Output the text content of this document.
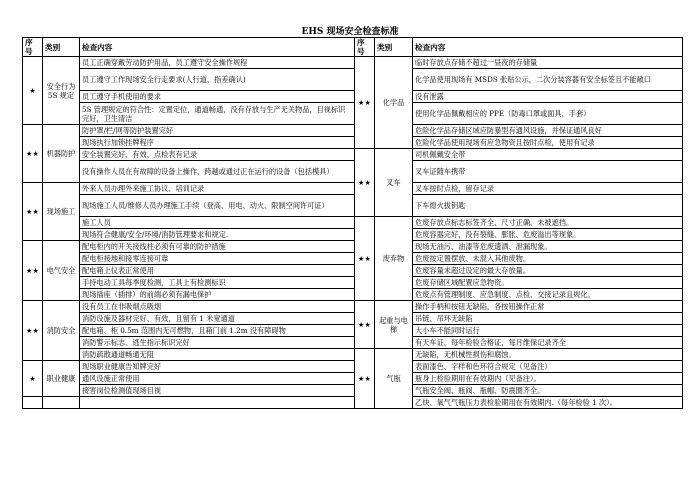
EHS 现场安全检查标准
序号	类别	检查内容	序号	类别	检查内容
★	安全行为 5S 规定	员工正确穿戴劳动防护用品，员工遵守安全操作规程	★★	化学品	临时存放点存储不超过一昼夜的存储量
		员工遵守工作现场安全行走要求(人行道、指差确认)			化学品使用现场有 MSDS 张贴公示，二次分装容器有安全标签且不能敞口
		员工遵守手机使用的要求			没有泄露
		5S 管理规定的符合性：定置定位，通道畅通，没有存放与生产无关物品，目视标识完好，卫生清洁			使用化学品佩戴相应的 PPE（防毒口罩或面具，手套）
★★	机器防护	防护罩/栏/网等防护装置完好			危险化学品存储区域应防暴型有通风设施，并保证通风良好
		现场执行加锁挂牌程序			危险化学品使用现场有应急物资且按时点检，使用有记录
		安全装置完好、有效，点检表有记录	★★	叉车	司机佩戴安全带
		没有操作人员在有故障的设备上操作、跨越或通过正在运行的设备（包括模具）			叉车证随车携带
★★	现场施工	外来人员办理外来施工协议、培训记录			叉车按时点检，留存记录
		现场施工人员/维修人员办理施工手续（登高、用电、动火、限制空间许可证）			下车熄火拔钥匙
		施工人员	★★	废弃物	危废存放点标志标签齐全、尺寸正确、未被遮挡。
		现场符合健康/安全/环境/消防管理要求和规定.			危废容器完好，没有裂缝、膨胀、危废溢出等现象。
★★	电气安全	配电柜内的开关接线柱必须有可靠的防护措施			现场无油污、油漆等危废遗洒、泄漏现象。
		配电柜接地和接零连接可靠			危废按定置摆放、未混入其他废物。
		配电箱上仪表正常使用			危废容量未超过设定的最大存放量。
		手持电动工具每季度检测，工具上有检测标识			危废存储区域配置应急物资。
		现场插座（插排）的前端必须有漏电保护			危废点有管理制度、应急制度、点检、交接记录且规化。
★★	消防安全	没有员工在非吸烟点吸烟	★★	起重与电梯	操作手柄和按钮无缺陷，各按钮操作正常
		消防设施及器材完好、有效，且留有 1 米宽通道			吊链、吊环无缺陷
		配电箱、柜 0.5m 范围内无可燃物，且箱门前 1.2m 没有障碍物			大小车不能同时运行
		消防警示标志、逃生指示标识完好			有天车证，每年检验合格证，每月维保记录齐全
		消防疏散通道畅通无阻	★★	气瓶	无缺陷，无机械性损伤和腐蚀。
★	职业健康	现场职业健康告知牌完好			表面漆色、字样和色环符合规定（见备注）
		通风设施正常使用			瓶身上检验期用在有效期内（见备注）。
		接害岗位检测值现场目视			气瓶安全阀、瓶阀、瓶帽、防震圈齐全。
					乙炔、氧气气瓶压力表检验期用在有效期内.（每年检验 1 次）。
